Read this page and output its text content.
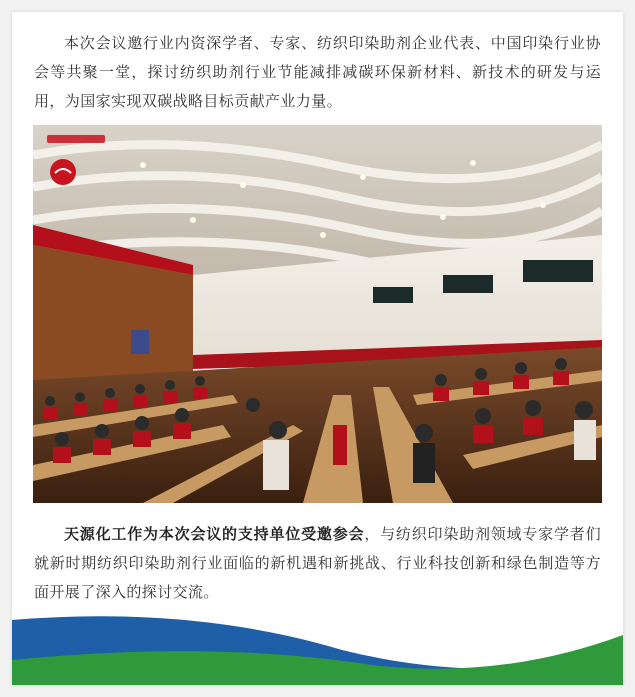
本次会议邀行业内资深学者、专家、纺织印染助剂企业代表、中国印染行业协会等共聚一堂，探讨纺织助剂行业节能减排减碳环保新材料、新技术的研发与运用，为国家实现双碳战略目标贡献产业力量。

天源化工作为本次会议的支持单位受邀参会，与纺织印染助剂领域专家学者们就新时期纺织印染助剂行业面临的新机遇和新挑战、行业科技创新和绿色制造等方面开展了深入的探讨交流。
